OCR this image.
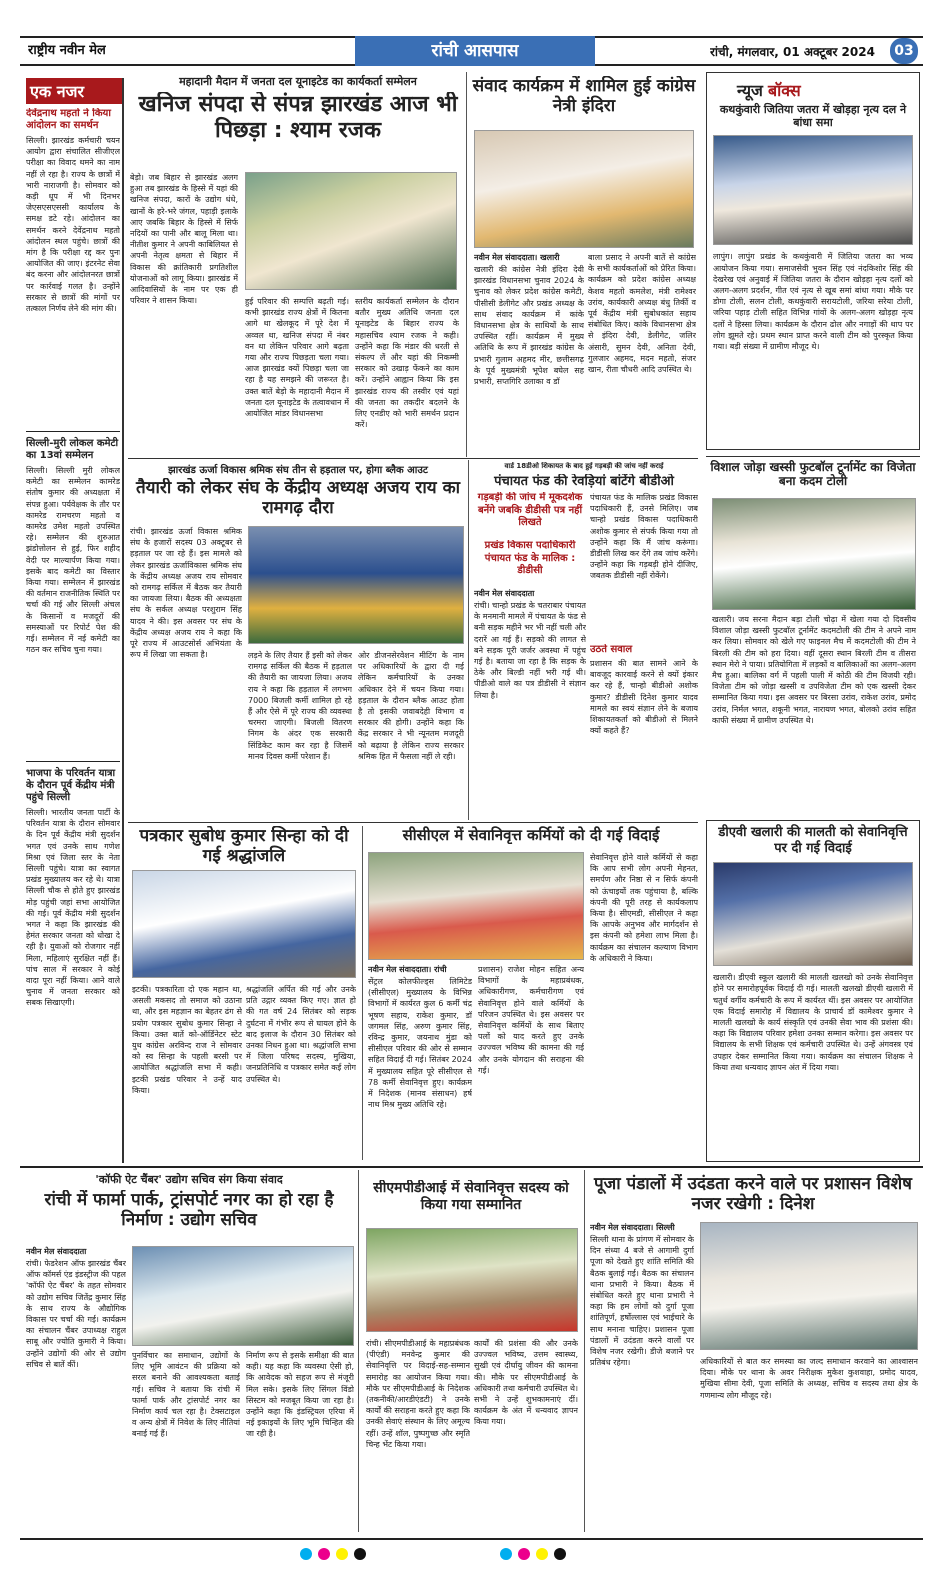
राष्ट्रीय नवीन मेल	रांची आसपास	रांची, मंगलवार, 01 अक्टूबर 2024	03
एक नजर
देवेंद्रनाथ महतो ने किया आंदोलन का समर्थन
सिल्ली। झारखंड कर्मचारी चयन आयोग द्वारा संचालित सीजीएल परीक्षा का विवाद थमने का नाम नहीं ले रहा है। राज्य के छात्रों में भारी नाराजगी है। सोमवार को कड़ी धूप में भी दिनभर जेएसएसएससी कार्यालय के समक्ष डटे रहे। आंदोलन का समर्थन करने देवेंद्रनाथ महतो आंदोलन स्थल पहुंचे। छात्रों की मांग है कि परीक्षा रद्द कर पुनः आयोजित की जाए। इंटरनेट सेवा बंद करना और आंदोलनरत छात्रों पर कार्रवाई गलत है। उन्होंने सरकार से छात्रों की मांगों पर तत्काल निर्णय लेने की मांग की।
सिल्ली-मुरी लोकल कमेटी का 13वां सम्मेलन
सिल्ली। सिल्ली मुरी लोकल कमेटी का सम्मेलन कामरेड संतोष कुमार की अध्यक्षता में संपन्न हुआ। पर्यवेक्षक के तौर पर कामरेड रामचरण महतो व कामरेड उमेश महतो उपस्थित रहे। सम्मेलन की शुरुआत झंडोत्तोलन से हुई, फिर शहीद वेदी पर माल्यार्पण किया गया। इसके बाद कमेटी का विस्तार किया गया। सम्मेलन में झारखंड की वर्तमान राजनीतिक स्थिति पर चर्चा की गई और सिल्ली अंचल के किसानों व मजदूरों की समस्याओं पर रिपोर्ट पेश की गई। सम्मेलन में नई कमेटी का गठन कर सचिव चुना गया।
भाजपा के परिवर्तन यात्रा के दौरान पूर्व केंद्रीय मंत्री पहुंचे सिल्ली
सिल्ली। भारतीय जनता पार्टी के परिवर्तन यात्रा के दौरान सोमवार के दिन पूर्व केंद्रीय मंत्री सुदर्शन भगत एवं उनके साथ गणेश मिश्रा एवं जिला स्तर के नेता सिल्ली पहुंचे। यात्रा का स्वागत प्रखंड मुख्यालय कर रहे थे। यात्रा सिल्ली चौक से होते हुए झारखंड मोड़ पहुंची जहां सभा आयोजित की गई। पूर्व केंद्रीय मंत्री सुदर्शन भगत ने कहा कि झारखंड की हेमंत सरकार जनता को धोखा दे रही है। युवाओं को रोजगार नहीं मिला, महिलाएं सुरक्षित नहीं हैं। पांच साल में सरकार ने कोई वादा पूरा नहीं किया। आने वाले चुनाव में जनता सरकार को सबक सिखाएगी।
महादानी मैदान में जनता दल यूनाइटेड का कार्यकर्ता सम्मेलन
खनिज संपदा से संपन्न झारखंड आज भी पिछड़ा : श्याम रजक
बेड़ो। जब बिहार से झारखंड अलग हुआ तब झारखंड के हिस्से में यहां की खनिज संपदा, कारों के उद्योग धंधे, खानों के हरे-भरे जंगल, पहाड़ी इलाके आए जबकि बिहार के हिस्से में सिर्फ नदियों का पानी और बालू मिला था। नीतीश कुमार ने अपनी काबिलियत से अपनी नेतृत्व क्षमता से बिहार में विकास की क्रांतिकारी प्रगतिशील योजनाओं को लागू किया। झारखंड में आदिवासियों के नाम पर एक ही परिवार ने शासन किया।	हुई परिवार की सम्पत्ति बढ़ती गई। कभी झारखंड राज्य क्षेत्रों में कितना आगे था खेलकूद में पूरे देश में अव्वल था, खनिज संपदा में नंबर वन था लेकिन परिवार आगे बढ़ता गया और राज्य पिछड़ता चला गया। आज झारखंड क्यों पिछड़ा चला जा रहा है यह समझने की जरूरत है। उक्त बातें बेड़ो के महादानी मैदान में जनता दल यूनाइटेड के तत्वावधान में आयोजित मांडर विधानसभा
स्तरीय कार्यकर्ता सम्मेलन के दौरान बतौर मुख्य अतिथि जनता दल यूनाइटेड के बिहार राज्य के महासचिव श्याम रजक ने कही। उन्होंने कहा कि मंडार की धरती से संकल्प लें और यहां की निकम्मी सरकार को उखाड़ फेंकने का काम करें। उन्होंने आह्वान किया कि इस झारखंड राज्य की तस्वीर एवं यहां की जनता का तकदीर बदलने के लिए एनडीए को भारी समर्थन प्रदान करें।
संवाद कार्यक्रम में शामिल हुई कांग्रेस नेत्री इंदिरा
नवीन मेल संवाददाता। खलारी
खलारी की कांग्रेस नेत्री इंदिरा देवी झारखंड विधानसभा चुनाव 2024 के चुनाव को लेकर प्रदेश कांग्रेस कमेटी, पीसीसी डेलीगेट और प्रखंड अध्यक्ष के साथ संवाद कार्यक्रम में कांके विधानसभा क्षेत्र के साथियों के साथ उपस्थित रहीं। कार्यक्रम में मुख्य अतिथि के रूप में झारखंड कांग्रेस के प्रभारी गुलाम अहमद मीर, छत्तीसगढ़ के पूर्व मुख्यमंत्री भूपेश बघेल सह प्रभारी, सप्तगिरि उलाका व डॉ
बाला प्रसाद ने अपनी बातें से कांग्रेस के सभी कार्यकर्ताओं को प्रेरित किया। कार्यक्रम को प्रदेश कांग्रेस अध्यक्ष केशव महतो कमलेश, मंत्री रामेश्वर उरांव, कार्यकारी अध्यक्ष बंधु तिर्की व पूर्व केंद्रीय मंत्री सुबोधकांत सहाय संबोधित किए। कांके विधानसभा क्षेत्र से इंदिरा देवी, डेलीगेट, जलिर अंसारी, सुमन देवी, अनिता देवी, गुलजार अहमद, मदन महतो, संजर खान, रीता चौधरी आदि उपस्थित थे।
न्यूज बॉक्स
कथकुंवारी जितिया जतरा में खोड़हा नृत्य दल ने बांधा समा
लापुंग। लापुंग प्रखंड के कथकुंवारी में जितिया जतरा का भव्य आयोजन किया गया। समाजसेवी भुवन सिंह एवं नंदकिशोर सिंह की देखरेख एवं अनुवाई में जितिया जतरा के दौरान खोड़हा नृत्य दलों को अलग-अलग प्रदर्शन, गीत एवं नृत्य से खूब समां बांधा गया। मौके पर डोगा टोली, सलन टोली, कथकुंवारी सरायटोली, जरिया सरेया टोली, जरिया पहाड़ टोली सहित विभिन्न गांवों के अलग-अलग खोड़हा नृत्य दलों ने हिस्सा लिया। कार्यक्रम के दौरान ढोल और नगाड़ों की थाप पर लोग झूमते रहे। प्रथम स्थान प्राप्त करने वाली टीम को पुरस्कृत किया गया। बड़ी संख्या में ग्रामीण मौजूद थे।
झारखंड ऊर्जा विकास श्रमिक संघ तीन से हड़ताल पर, होगा ब्लैक आउट
तैयारी को लेकर संघ के केंद्रीय अध्यक्ष अजय राय का रामगढ़ दौरा
रांची। झारखंड ऊर्जा विकास श्रमिक संघ के हजारों सदस्य 03 अक्टूबर से हड़ताल पर जा रहे हैं। इस मामले को लेकर झारखंड ऊर्जाविकास श्रमिक संघ के केंद्रीय अध्यक्ष अजय राय सोमवार को रामगढ़ सर्किल में बैठक कर तैयारी का जायजा लिया। बैठक की अध्यक्षता संघ के सर्कल अध्यक्ष परशुराम सिंह यादव ने की। इस अवसर पर संघ के केंद्रीय अध्यक्ष अजय राय ने कहा कि पूरे राज्य में आउटसोर्स अभियंता के रूप में लिखा जा सकता है।	लड़ने के लिए तैयार हैं इसी को लेकर रामगढ़ सर्किल की बैठक में हड़ताल की तैयारी का जायजा लिया। अजय राय ने कहा कि हड़ताल में लगभग 7000 बिजली कर्मी शामिल हो रहे हैं और ऐसे में पूरे राज्य की व्यवस्था चरमरा जाएगी। बिजली वितरण निगम के अंदर एक सरकारी सिंडिकेट काम कर रहा है जिसमें मानव दिवस कर्मी परेशान हैं।
ओर डीजनसेरवेशन मीटिंग के नाम पर अधिकारियों के द्वारा दी गई लेकिन कर्मचारियों के उनका अधिकार देने में चयन किया गया। हड़ताल के दौरान ब्लैक आउट होता है तो इसकी जवाबदेही विभाग व सरकार की होगी। उन्होंने कहा कि केंद्र सरकार ने भी न्यूनतम मजदूरी को बढ़ाया है लेकिन राज्य सरकार श्रमिक हित में फैसला नहीं ले रही।
वार्ड 18डीओ शिकायत के बाद हुई गड़बड़ी की जांच नहीं कराई
पंचायत फंड की रेवड़ियां बांटेंगे बीडीओ
गड़बड़ी की जांच में मूकदर्शक बनेंगे जबकि डीडीसी पत्र नहीं लिखते
प्रखंड विकास पदाधिकारी पंचायत फंड के मालिक : डीडीसी
नवीन मेल संवाददाता
रांची। चान्हो प्रखंड के चतराबार पंचायत के मनमानी मामले में पंचायत के फंड से बनी सड़क महीने भर भी नहीं चली और दरारें आ गई हैं। सड़को की लागत से बने सड़क पूरी जर्जर अवस्था में पहुंच गई है। बताया जा रहा है कि सड़क के ठेके और बिल्डी नहीं भरी गई थी। पीडीओ वाले का पत्र डीडीसी ने संज्ञान लिया है।
पंचायत फंड के मालिक प्रखंड विकास पदाधिकारी हैं, उनसे मिलिए। जब चान्हो प्रखंड विकास पदाधिकारी अशोक कुमार से संपर्क किया गया तो उन्होंने कहा कि मैं जांच करूंगा। डीडीसी लिख कर देंगे तब जांच करेंगे। उन्होंने कहा कि गड़बड़ी होने दीजिए, जबतक डीडीसी नहीं रोकेंगे।
उठते सवाल
प्रशासन की बात सामने आने के बावजूद कारवाई करने से क्यों इंकार कर रहे हैं, चान्हो बीडीओ अशोक कुमार? डीडीसी दिनेश कुमार यादव मामले का स्वयं संज्ञान लेने के बजाय शिकायतकर्ता को बीडीओ से मिलने क्यों कहते हैं?
विशाल जोड़ा खस्सी फुटबॉल टूर्नामेंट का विजेता बना कदम टोली
खलारी। जय सरना मैदान बड़ा टोली चोढ़ा में खेला गया दो दिवसीय विशाल जोड़ा खस्सी फुटबॉल टूर्नामेंट कदमटोली की टीम ने अपने नाम कर लिया। सोमवार को खेले गए फाइनल मैच में कदमटोली की टीम ने बिरली की टीम को हरा दिया। वहीं दूसरा स्थान बिरली टीम व तीसरा स्थान मेरो ने पाया। प्रतियोगिता में लड़कों व बालिकाओं का अलग-अलग मैच हुआ। बालिका वर्ग में पहली पाली में कोठी की टीम विजयी रही। विजेता टीम को जोड़ा खस्सी व उपविजेता टीम को एक खस्सी देकर सम्मानित किया गया। इस अवसर पर बिरसा उरांव, राकेश उरांव, प्रमोद उरांव, निर्मल भगत, शकूनी भगत, नारायण भगत, बोलको उरांव सहित काफी संख्या में ग्रामीण उपस्थित थे।
पत्रकार सुबोध कुमार सिन्हा को दी गई श्रद्धांजलि
इटकी। पत्रकारिता दो एक महान था, असली मकसद तो समाज को उठाना था, और इस महज्ञान का बेहतर ढंग से प्रयोग पत्रकार सुबोध कुमार सिन्हा ने किया। उक्त बातें को-ऑर्डिनेटर स्टेट युथ कांग्रेस अरविन्द राज ने सोमवार को स्व सिन्हा के पहली बरसी पर आयोजित श्रद्धांजलि सभा में कही। इटकी प्रखंड परिवार ने उन्हें याद किया।
श्रद्धांजलि अर्पित की गई और उनके प्रति उद्गार व्यक्त किए गए। ज्ञात हो की गत वर्ष 24 सितंबर को सड़क दुर्घटना में गंभीर रूप से घायल होने के बाद इलाज के दौरान 30 सितंबर को उनका निधन हुआ था। श्रद्धांजलि सभा में जिला परिषद सदस्य, मुखिया, जनप्रतिनिधि व पत्रकार समेत कई लोग उपस्थित थे।
सीसीएल में सेवानिवृत्त कर्मियों को दी गई विदाई
नवीन मेल संवाददाता। रांची
सेंट्रल कोलफील्ड्स लिमिटेड (सीसीएल) मुख्यालय के विभिन्न विभागों में कार्यरत कुल 6 कर्मी चंद्र भूषण सहाय, राकेश कुमार, डॉ जगमल सिंह, अरुण कुमार सिंह, रविन्द्र कुमार, जयनाथ मुंडा को सीसीएल परिवार की ओर से सम्मान सहित विदाई दी गई। सितंबर 2024 में मुख्यालय सहित पूरे सीसीएल से 78 कर्मी सेवानिवृत्त हुए। कार्यक्रम में निदेशक (मानव संसाधन) हर्ष नाथ मिश्र मुख्य अतिथि रहे।
प्रशासन) राजेश मोहन सहित अन्य विभागों के महाप्रबंधक, अधिकारीगण, कर्मचारीगण एवं सेवानिवृत्त होने वाले कर्मियों के परिजन उपस्थित थे। इस अवसर पर सेवानिवृत्त कर्मियों के साथ बिताए पलों को याद करते हुए उनके उज्ज्वल भविष्य की कामना की गई और उनके योगदान की सराहना की गई।
सेवानिवृत्त होने वाले कर्मियों से कहा कि आप सभी लोग अपनी मेहनत, समर्पण और निष्ठा से न सिर्फ कंपनी को ऊंचाइयों तक पहुंचाया है, बल्कि कंपनी की पूरी तरह से कार्यकलाप किया है। सीएमडी, सीसीएल ने कहा कि आपके अनुभव और मार्गदर्शन से इस कंपनी को हमेशा लाभ मिला है। कार्यक्रम का संचालन कल्याण विभाग के अधिकारी ने किया।
डीएवी खलारी की मालती को सेवानिवृत्ति पर दी गई विदाई
खलारी। डीएवी स्कूल खलारी की मालती खलखो को उनके सेवानिवृत्त होने पर समारोहपूर्वक विदाई दी गई। मालती खलखो डीएवी खलारी में चतुर्थ वर्गीय कर्मचारी के रूप में कार्यरत थीं। इस अवसर पर आयोजित एक विदाई समारोह में विद्यालय के प्राचार्य डॉ कामेश्वर कुमार ने मालती खलखो के कार्य संस्कृति एवं उनकी सेवा भाव की प्रशंसा की। कहा कि विद्यालय परिवार हमेशा उनका सम्मान करेगा। इस अवसर पर विद्यालय के सभी शिक्षक एवं कर्मचारी उपस्थित थे। उन्हें अंगवस्त्र एवं उपहार देकर सम्मानित किया गया। कार्यक्रम का संचालन शिक्षक ने किया तथा धन्यवाद ज्ञापन अंत में दिया गया।
'कॉफी ऐट चैंबर' उद्योग सचिव संग किया संवाद
रांची में फार्मा पार्क, ट्रांसपोर्ट नगर का हो रहा है निर्माण : उद्योग सचिव
नवीन मेल संवाददाता
रांची। फेडरेशन ऑफ झारखंड चैंबर ऑफ कॉमर्स एंड इंडस्ट्रीज की पहल 'कॉफी ऐट चैंबर' के तहत सोमवार को उद्योग सचिव जितेंद्र कुमार सिंह के साथ राज्य के औद्योगिक विकास पर चर्चा की गई। कार्यक्रम का संचालन चैंबर उपाध्यक्ष राहुल साबू और ज्योति कुमारी ने किया। उन्होंने उद्योगों की ओर से उद्योग सचिव से बातें कीं।
पुनर्विचार का समाधान, उद्योगों के लिए भूमि आवंटन की प्रक्रिया को सरल बनाने की आवश्यकता बताई गई। सचिव ने बताया कि रांची में फार्मा पार्क और ट्रांसपोर्ट नगर का निर्माण कार्य चल रहा है। टेक्सटाइल व अन्य क्षेत्रों में निवेश के लिए नीतियां बनाई गई हैं।
निर्माण रूप से इसके समीक्षा की बात कही। यह कहा कि व्यवस्था ऐसी हो, कि आवेदक को सहज रूप से मंजूरी मिल सके। इसके लिए सिंगल विंडो सिस्टम को मजबूत किया जा रहा है। उन्होंने कहा कि इंडस्ट्रियल एरिया में नई इकाइयों के लिए भूमि चिन्हित की जा रही है।
सीएमपीडीआई में सेवानिवृत्त सदस्य को किया गया सम्मानित
रांची। सीएमपीडीआई के महाप्रबंधक (पीएंडी) मनवेन्द्र कुमार की सेवानिवृत्ति पर विदाई-सह-सम्मान समारोह का आयोजन किया गया। मौके पर सीएमपीडीआई के निदेशक (तकनीकी/आरडीएंडटी) ने उनके कार्यों की सराहना करते हुए कहा कि उनकी सेवाएं संस्थान के लिए अमूल्य रहीं। उन्हें शॉल, पुष्पगुच्छ और स्मृति चिन्ह भेंट किया गया।
कार्यों की प्रशंसा की और उनके उज्ज्वल भविष्य, उत्तम स्वास्थ्य, सुखी एवं दीर्घायु जीवन की कामना की। मौके पर सीएमपीडीआई के अधिकारी तथा कर्मचारी उपस्थित थे। सभी ने उन्हें शुभकामनाएं दीं। कार्यक्रम के अंत में धन्यवाद ज्ञापन किया गया।
पूजा पंडालों में उदंडता करने वाले पर प्रशासन विशेष नजर रखेगी : दिनेश
नवीन मेल संवाददाता। सिल्ली
सिल्ली थाना के प्रांगण में सोमवार के दिन संध्या 4 बजे से आगामी दुर्गा पूजा को देखते हुए शांति समिति की बैठक बुलाई गई। बैठक का संचालन थाना प्रभारी ने किया। बैठक में संबोधित करते हुए थाना प्रभारी ने कहा कि हम लोगों को दुर्गा पूजा शांतिपूर्ण, हर्षोल्लास एवं भाईचारे के साथ मनाना चाहिए। प्रशासन पूजा पंडालों में उदंडता करने वालों पर विशेष नजर रखेगी। डीजे बजाने पर प्रतिबंध रहेगा।	अधिकारियों से बात कर समस्या का जल्द समाधान करवाने का आश्वासन दिया। मौके पर थाना के अवर निरीक्षक मुकेश कुशवाहा, प्रमोद यादव, मुखिया सीमा देवी, पूजा समिति के अध्यक्ष, सचिव व सदस्य तथा क्षेत्र के गणमान्य लोग मौजूद रहे।
